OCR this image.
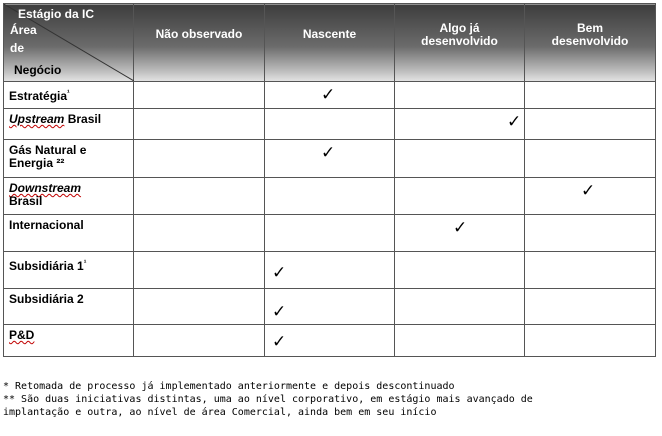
Estágio da IC
Área
de
Negócio	Não observado	Nascente	Algo já desenvolvido	Bem desenvolvido

Estratégia$^{^1}$		✓		

Upstream Brasil			✓	

Gás Natural e Energia ²²		✓		

Downstream
Brasil				✓

Internacional			✓	

Subsidiária $1^{^1}$		✓		

Subsidiária 2		✓		

P&D		✓		

* Retomada de processo já implementado anteriormente e depois descontinuado

** São duas iniciativas distintas, uma ao nível corporativo, em estágio mais avançado de

implantação e outra, ao nível de área Comercial, ainda bem em seu início
